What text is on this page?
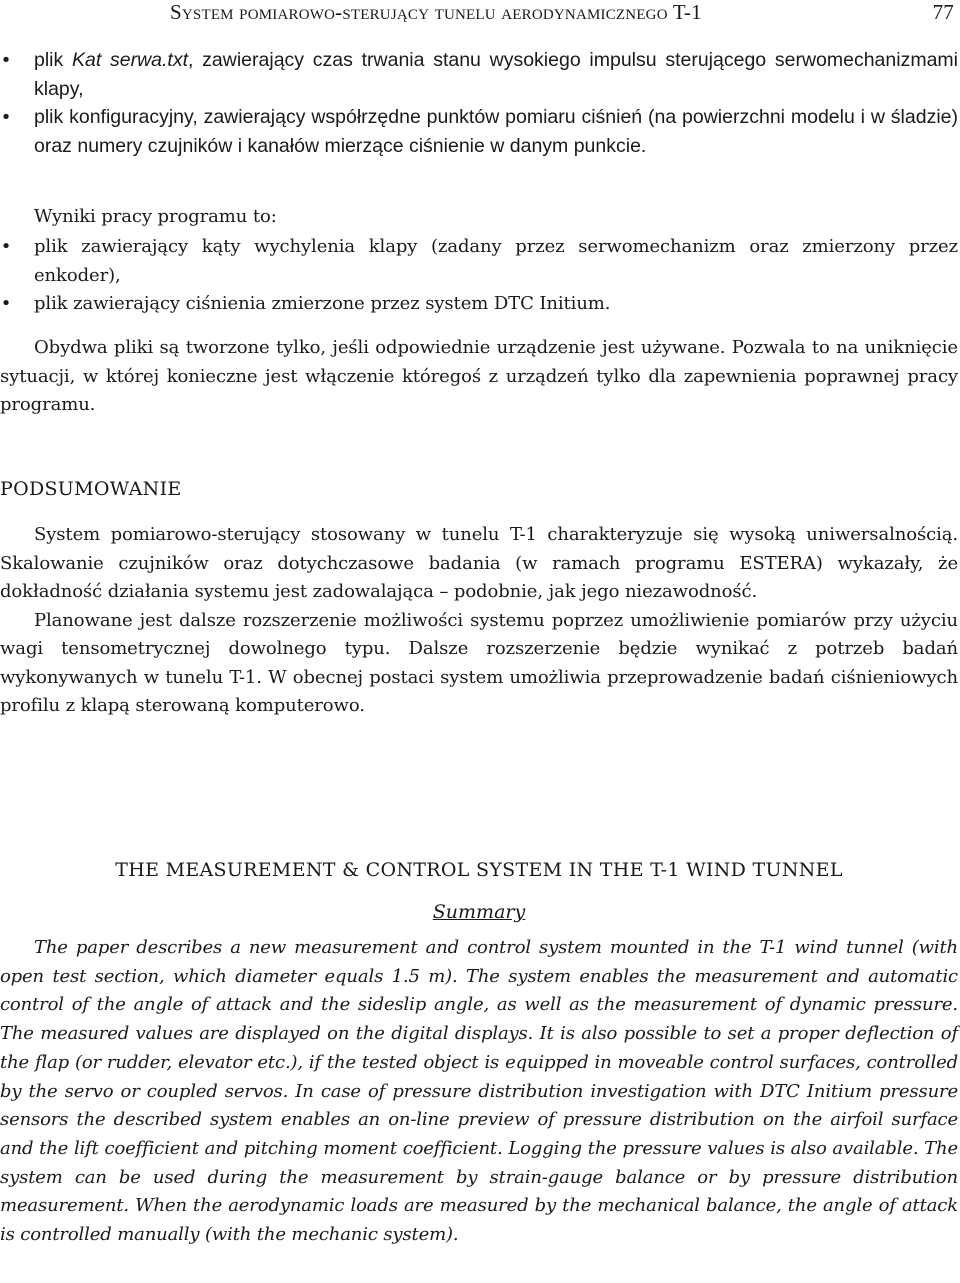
System pomiarowo-sterujący tunelu aerodynamicznego T-1	77
• plik Kat serwa.txt, zawierający czas trwania stanu wysokiego impulsu sterującego serwomechanizmami klapy,

• plik konfiguracyjny, zawierający współrzędne punktów pomiaru ciśnień (na powierzchni modelu i w śladzie) oraz numery czujników i kanałów mierzące ciśnienie w danym punkcie.

Wyniki pracy programu to:

• plik zawierający kąty wychylenia klapy (zadany przez serwomechanizm oraz zmierzony przez enkoder),

• plik zawierający ciśnienia zmierzone przez system DTC Initium.

Obydwa pliki są tworzone tylko, jeśli odpowiednie urządzenie jest używane. Pozwala to na uniknięcie sytuacji, w której konieczne jest włączenie któregoś z urządzeń tylko dla zapewnienia poprawnej pracy programu.

PODSUMOWANIE

System pomiarowo-sterujący stosowany w tunelu T-1 charakteryzuje się wysoką uniwersalnością. Skalowanie czujników oraz dotychczasowe badania (w ramach programu ESTERA) wykazały, że dokładność działania systemu jest zadowalająca – podobnie, jak jego niezawodność.

Planowane jest dalsze rozszerzenie możliwości systemu poprzez umożliwienie pomiarów przy użyciu wagi tensometrycznej dowolnego typu. Dalsze rozszerzenie będzie wynikać z potrzeb badań wykonywanych w tunelu T-1. W obecnej postaci system umożliwia przeprowadzenie badań ciśnieniowych profilu z klapą sterowaną komputerowo.

THE MEASUREMENT & CONTROL SYSTEM IN THE T-1 WIND TUNNEL
Summary

The paper describes a new measurement and control system mounted in the T-1 wind tunnel (with open test section, which diameter equals 1.5 m). The system enables the measurement and automatic control of the angle of attack and the sideslip angle, as well as the measurement of dynamic pressure. The measured values are displayed on the digital displays. It is also possible to set a proper deflection of the flap (or rudder, elevator etc.), if the tested object is equipped in moveable control surfaces, controlled by the servo or coupled servos. In case of pressure distribution investigation with DTC Initium pressure sensors the described system enables an on-line preview of pressure distribution on the airfoil surface and the lift coefficient and pitching moment coefficient. Logging the pressure values is also available. The system can be used during the measurement by strain-gauge balance or by pressure distribution measurement. When the aerodynamic loads are measured by the mechanical balance, the angle of attack is controlled manually (with the mechanic system).
